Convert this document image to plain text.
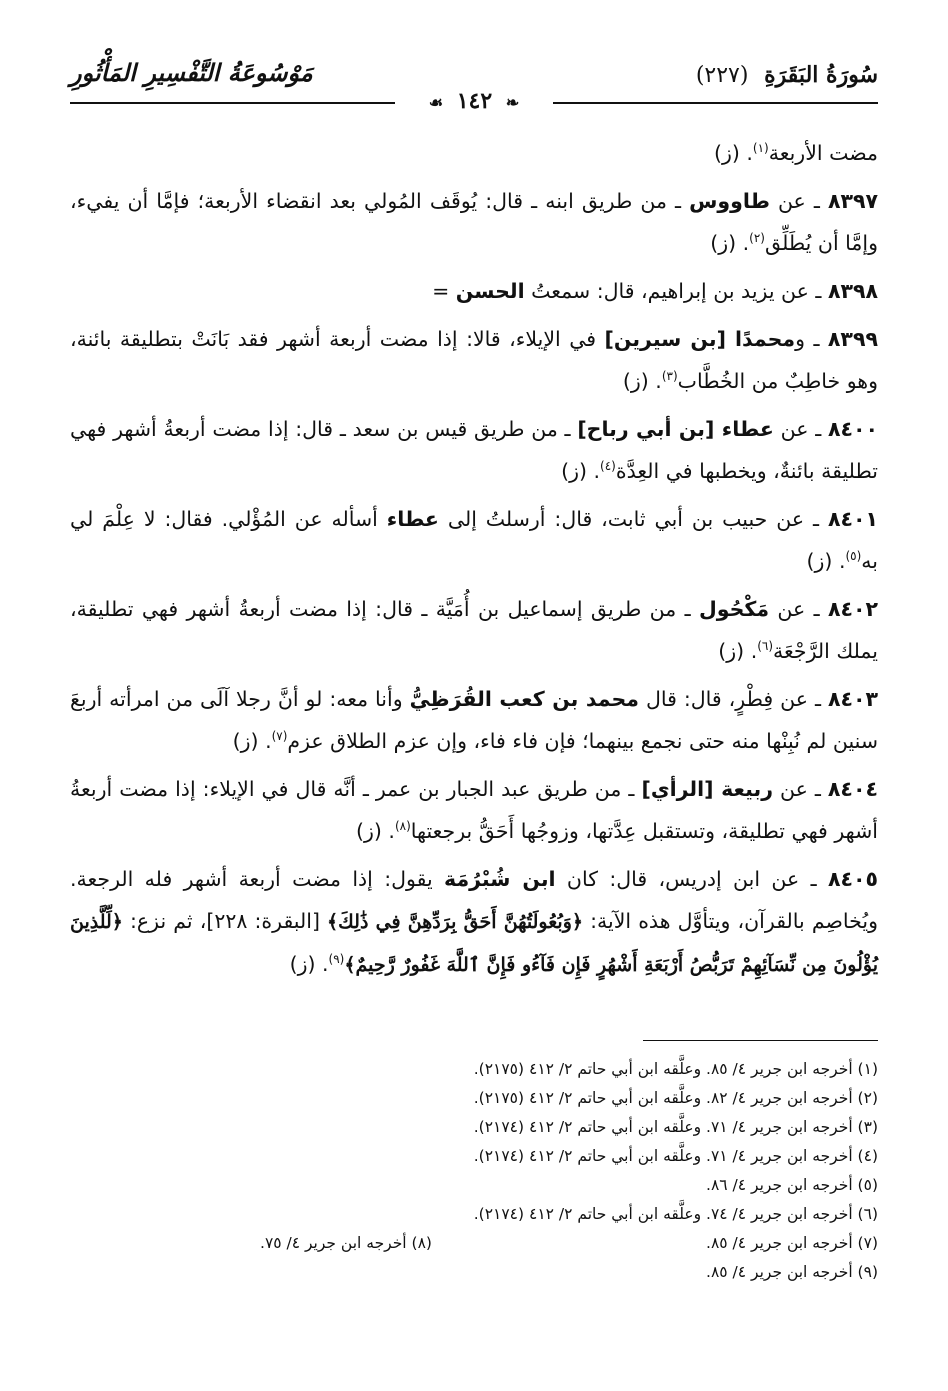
سُورَةُ البَقَرَةِ (٢٢٧)
مَوْسُوعَةُ التَّفْسِيرِ المَأْثُورِ
❧ ١٤٢ ☙

مضت الأربعة$^{(١)}$. (ز)

٨٣٩٧ ـ عن طاووس ـ من طريق ابنه ـ قال: يُوقَف المُولي بعد انقضاء الأربعة؛ فإمَّا أن يفيء، وإمَّا أن يُطَلِّق$^{(٢)}$. (ز)

٨٣٩٨ ـ عن يزيد بن إبراهيم، قال: سمعتُ الحسن =

٨٣٩٩ ـ ومحمدًا [بن سيرين] في الإيلاء، قالا: إذا مضت أربعة أشهر فقد بَانَتْ بتطليقة بائنة، وهو خاطِبٌ من الخُطَّاب$^{(٣)}$. (ز)

٨٤٠٠ ـ عن عطاء [بن أبي رباح] ـ من طريق قيس بن سعد ـ قال: إذا مضت أربعةُ أشهر فهي تطليقة بائنةٌ، ويخطبها في العِدَّة$^{(٤)}$. (ز)

٨٤٠١ ـ عن حبيب بن أبي ثابت، قال: أرسلتُ إلى عطاء أسأله عن المُؤْلي. فقال: لا عِلْمَ لي به$^{(٥)}$. (ز)

٨٤٠٢ ـ عن مَكْحُول ـ من طريق إسماعيل بن أُمَيَّة ـ قال: إذا مضت أربعةُ أشهر فهي تطليقة، يملك الرَّجْعَة$^{(٦)}$. (ز)

٨٤٠٣ ـ عن فِطْرٍ، قال: قال محمد بن كعب القُرَظِيُّ وأنا معه: لو أنَّ رجلا آلَى من امرأته أربعَ سنين لم نُبِنْها منه حتى نجمع بينهما؛ فإن فاء فاء، وإن عزم الطلاق عزم$^{(٧)}$. (ز)

٨٤٠٤ ـ عن ربيعة [الرأي] ـ من طريق عبد الجبار بن عمر ـ أنَّه قال في الإيلاء: إذا مضت أربعةُ أشهر فهي تطليقة، وتستقبل عِدَّتها، وزوجُها أَحَقُّ برجعتها$^{(٨)}$. (ز)

٨٤٠٥ ـ عن ابن إدريس، قال: كان ابن شُبْرُمَة يقول: إذا مضت أربعة أشهر فله الرجعة. ويُخاصِم بالقرآن، ويتأوَّل هذه الآية: ﴿وَبُعُولَتُهُنَّ أَحَقُّ بِرَدِّهِنَّ فِي ذَٰلِكَ﴾ [البقرة: ٢٢٨]، ثم نزع: ﴿لِّلَّذِينَ يُؤْلُونَ مِن نِّسَآئِهِمْ تَرَبُّصُ أَرْبَعَةِ أَشْهُرٍ فَإِن فَآءُو فَإِنَّ ٱللَّهَ غَفُورٌ رَّحِيمٌ﴾$^{(٩)}$. (ز)

(١) أخرجه ابن جرير ٤/ ٨٥. وعلَّقه ابن أبي حاتم ٢/ ٤١٢ (٢١٧٥).
(٢) أخرجه ابن جرير ٤/ ٨٢. وعلَّقه ابن أبي حاتم ٢/ ٤١٢ (٢١٧٥).
(٣) أخرجه ابن جرير ٤/ ٧١. وعلَّقه ابن أبي حاتم ٢/ ٤١٢ (٢١٧٤).
(٤) أخرجه ابن جرير ٤/ ٧١. وعلَّقه ابن أبي حاتم ٢/ ٤١٢ (٢١٧٤).
(٥) أخرجه ابن جرير ٤/ ٨٦.
(٦) أخرجه ابن جرير ٤/ ٧٤. وعلَّقه ابن أبي حاتم ٢/ ٤١٢ (٢١٧٤).
(٧) أخرجه ابن جرير ٤/ ٨٥.
(٨) أخرجه ابن جرير ٤/ ٧٥.
(٩) أخرجه ابن جرير ٤/ ٨٥.
